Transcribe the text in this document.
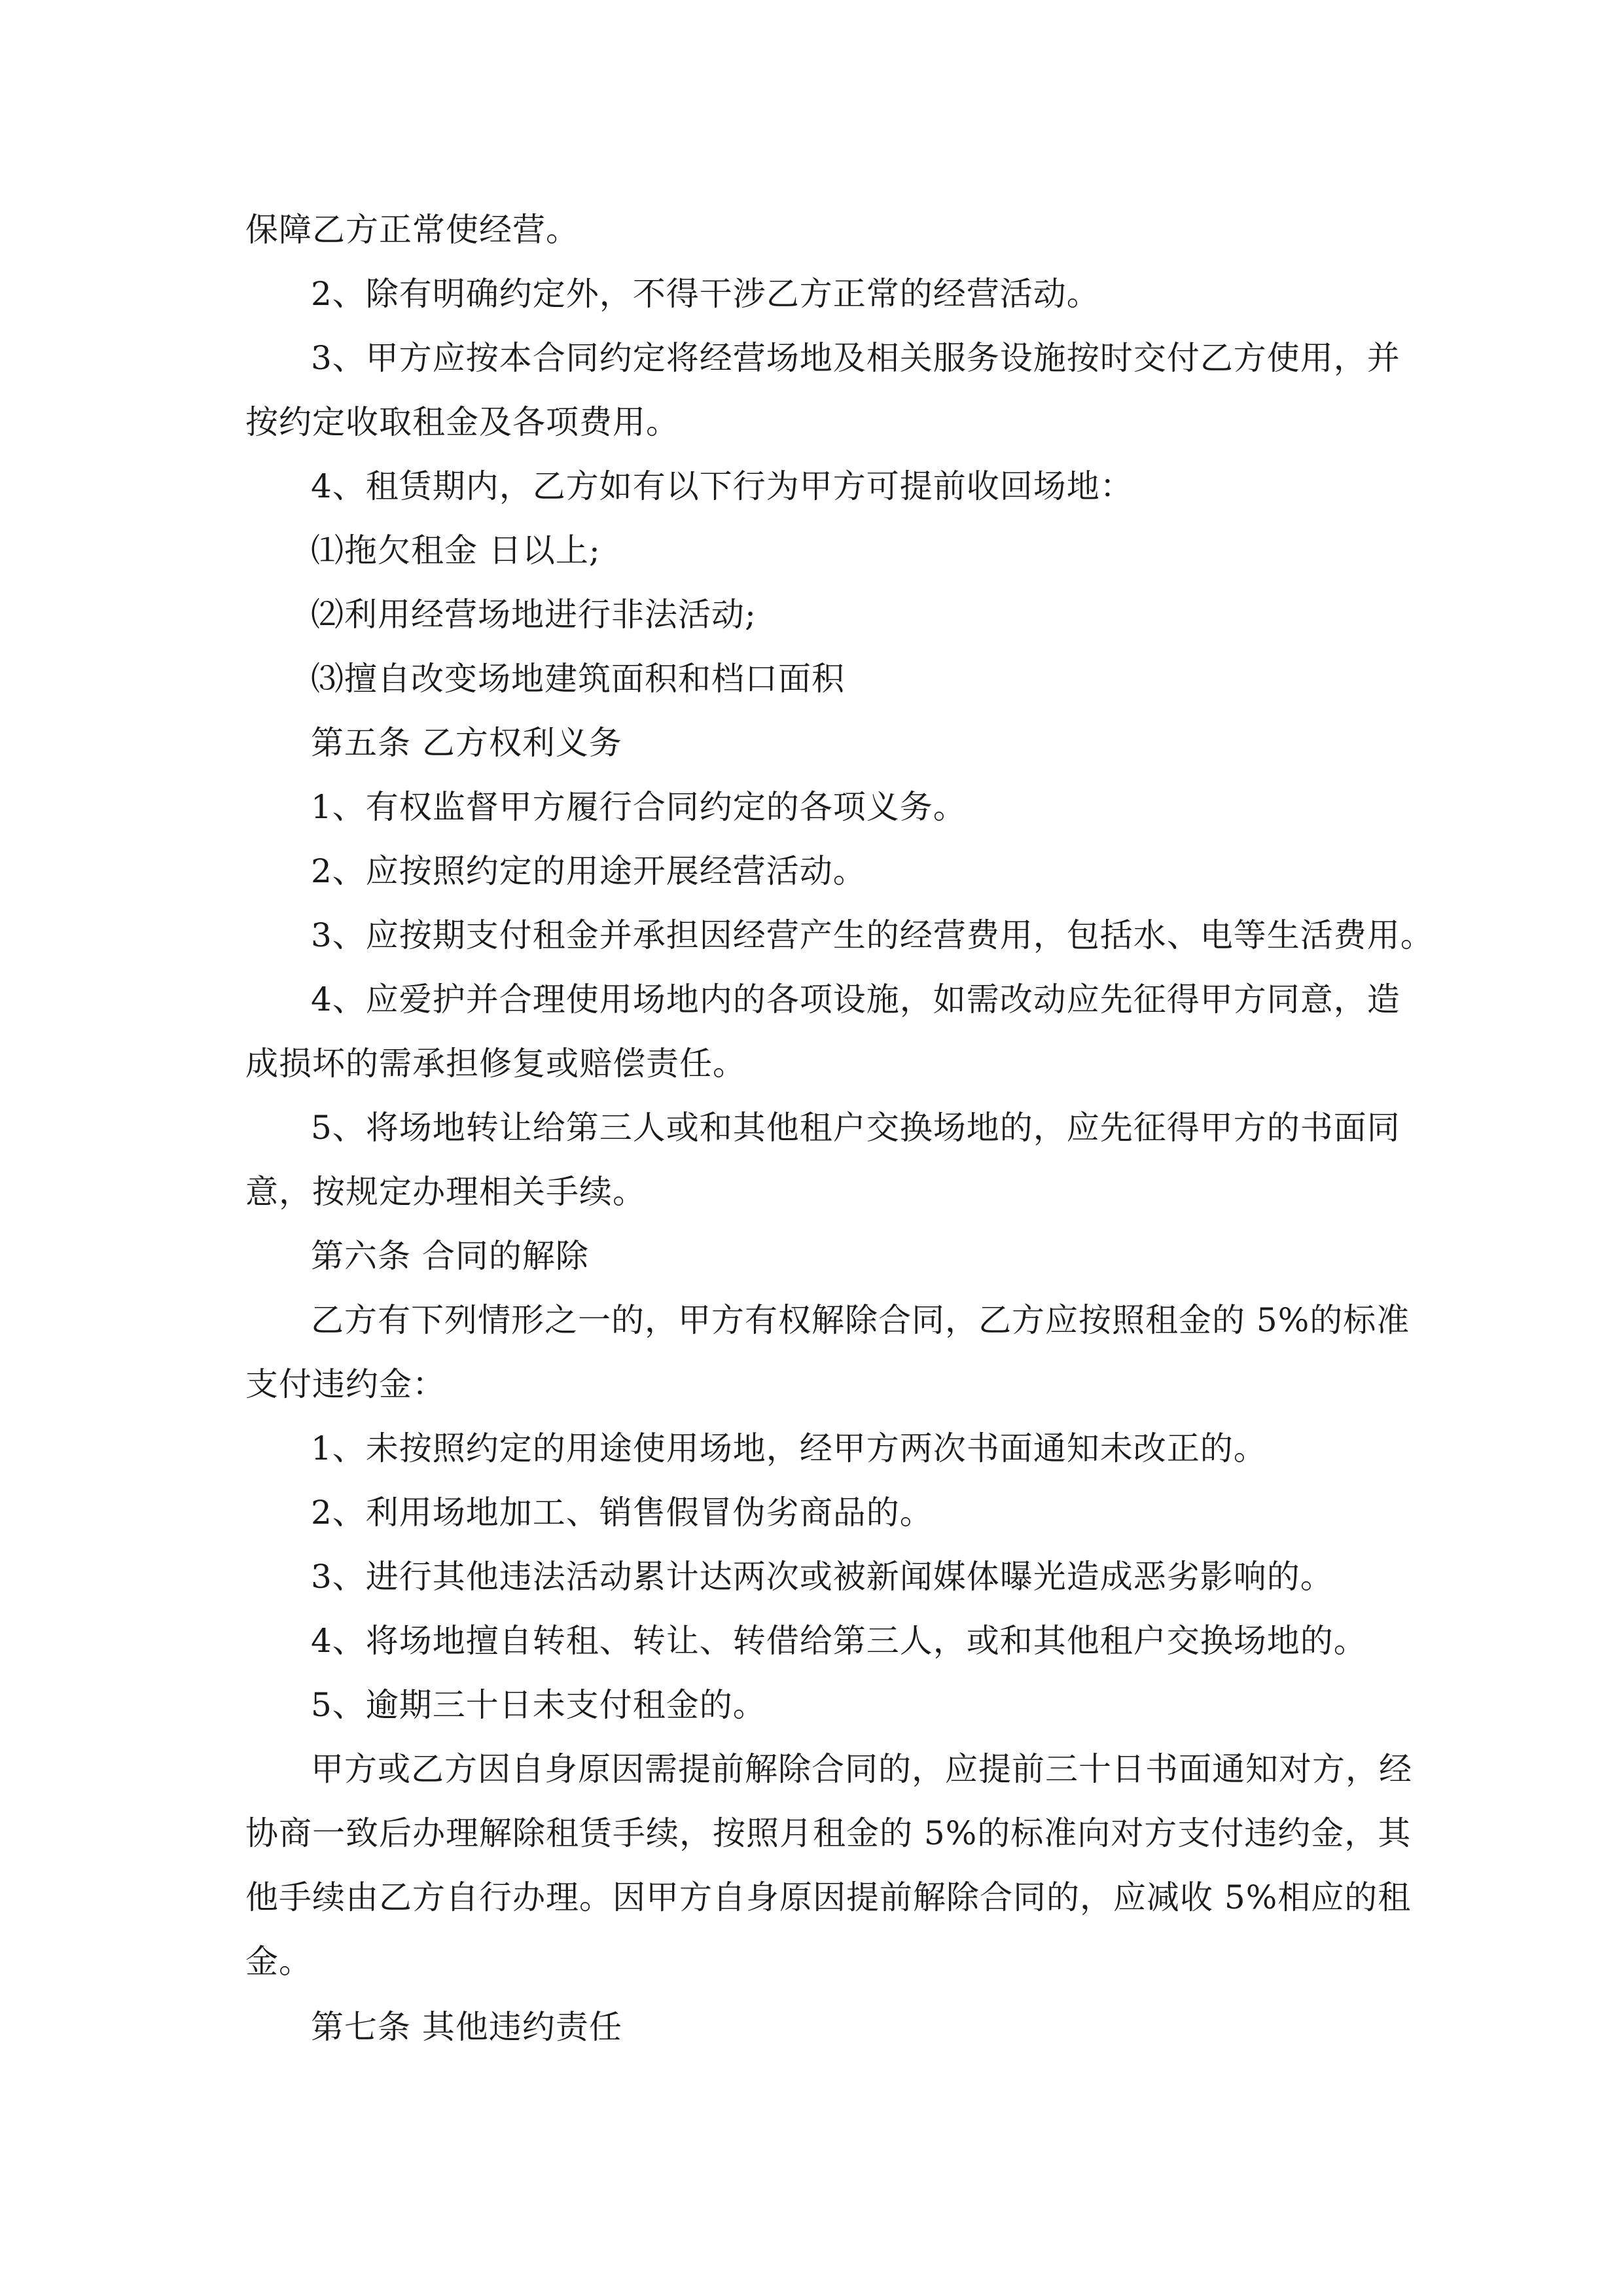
保障乙方正常使经营。
2、除有明确约定外，不得干涉乙方正常的经营活动。
3、甲方应按本合同约定将经营场地及相关服务设施按时交付乙方使用，并
按约定收取租金及各项费用。
4、租赁期内，乙方如有以下行为甲方可提前收回场地：
⑴拖欠租金 日以上;
⑵利用经营场地进行非法活动;
⑶擅自改变场地建筑面积和档口面积
第五条 乙方权利义务
1、有权监督甲方履行合同约定的各项义务。
2、应按照约定的用途开展经营活动。
3、应按期支付租金并承担因经营产生的经营费用，包括水、电等生活费用。
4、应爱护并合理使用场地内的各项设施，如需改动应先征得甲方同意，造
成损坏的需承担修复或赔偿责任。
5、将场地转让给第三人或和其他租户交换场地的，应先征得甲方的书面同
意，按规定办理相关手续。
第六条 合同的解除
乙方有下列情形之一的，甲方有权解除合同，乙方应按照租金的 5%的标准
支付违约金：
1、未按照约定的用途使用场地，经甲方两次书面通知未改正的。
2、利用场地加工、销售假冒伪劣商品的。
3、进行其他违法活动累计达两次或被新闻媒体曝光造成恶劣影响的。
4、将场地擅自转租、转让、转借给第三人，或和其他租户交换场地的。
5、逾期三十日未支付租金的。
甲方或乙方因自身原因需提前解除合同的，应提前三十日书面通知对方，经
协商一致后办理解除租赁手续，按照月租金的 5%的标准向对方支付违约金，其
他手续由乙方自行办理。因甲方自身原因提前解除合同的，应减收 5%相应的租
金。
第七条 其他违约责任
